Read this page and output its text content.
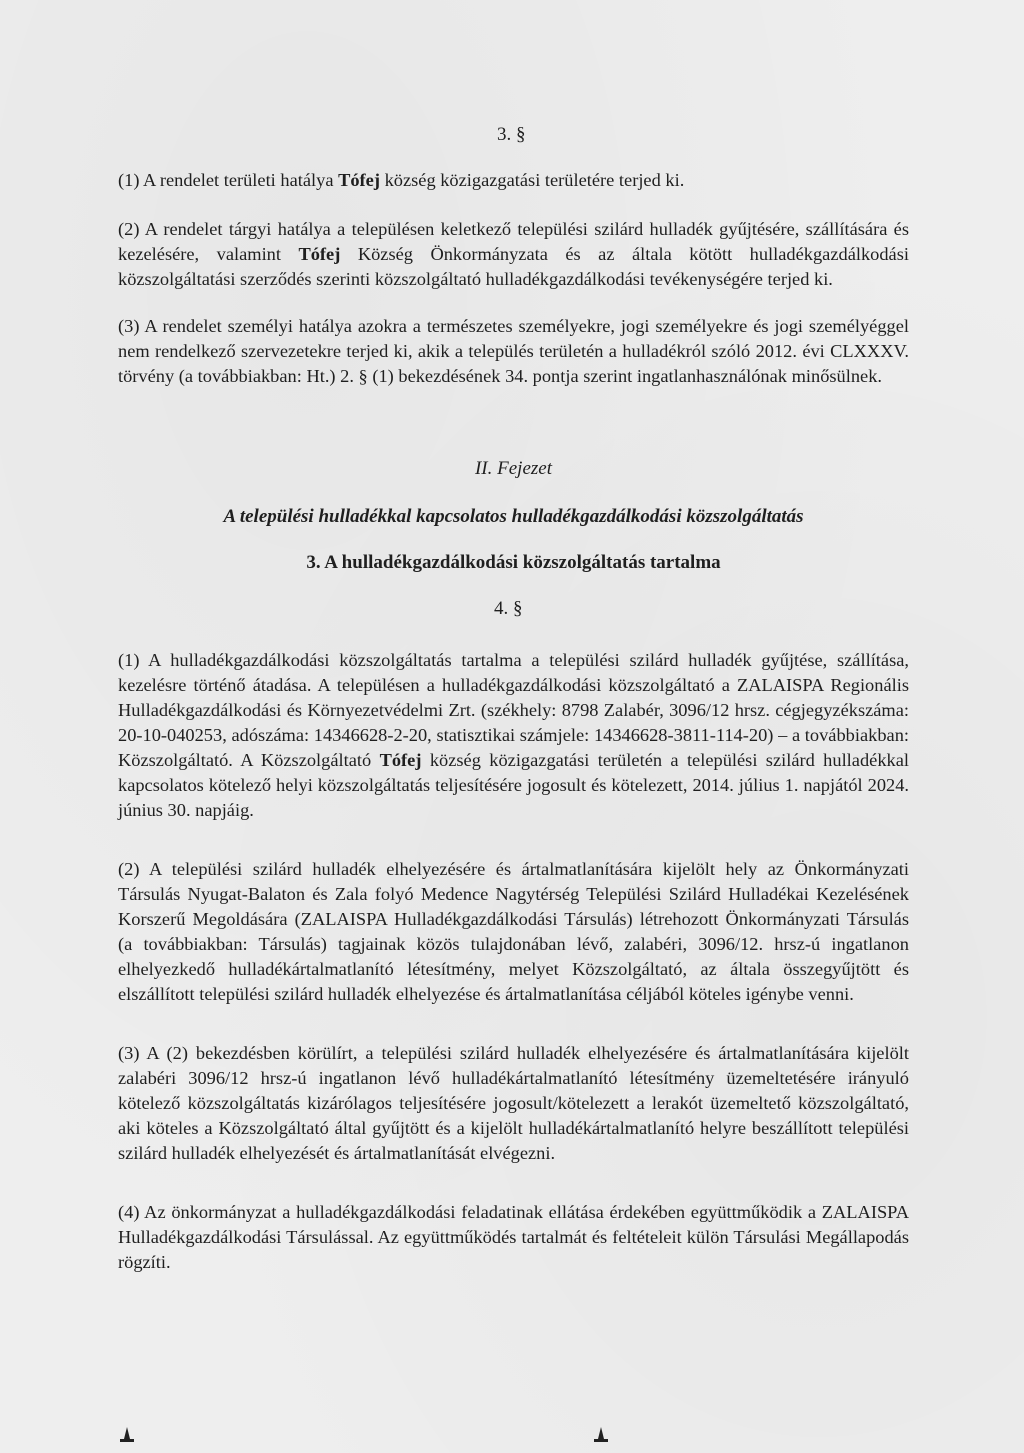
3. §

(1) A rendelet területi hatálya Tófej község közigazgatási területére terjed ki.

(2) A rendelet tárgyi hatálya a településen keletkező települési szilárd hulladék gyűjtésére, szállítására és kezelésére, valamint Tófej Község Önkormányzata és az általa kötött hulladékgazdálkodási közszolgáltatási szerződés szerinti közszolgáltató hulladékgazdálkodási tevékenységére terjed ki.

(3) A rendelet személyi hatálya azokra a természetes személyekre, jogi személyekre és jogi személyéggel nem rendelkező szervezetekre terjed ki, akik a település területén a hulladékról szóló 2012. évi CLXXXV. törvény (a továbbiakban: Ht.) 2. § (1) bekezdésének 34. pontja szerint ingatlanhasználónak minősülnek.

II. Fejezet
A települési hulladékkal kapcsolatos hulladékgazdálkodási közszolgáltatás
3. A hulladékgazdálkodási közszolgáltatás tartalma
4. §

(1) A hulladékgazdálkodási közszolgáltatás tartalma a települési szilárd hulladék gyűjtése, szállítása, kezelésre történő átadása. A településen a hulladékgazdálkodási közszolgáltató a ZALAISPA Regionális Hulladékgazdálkodási és Környezetvédelmi Zrt. (székhely: 8798 Zalabér, 3096/12 hrsz. cégjegyzékszáma: 20-10-040253, adószáma: 14346628-2-20, statisztikai számjele: 14346628-3811-114-20) – a továbbiakban: Közszolgáltató. A Közszolgáltató Tófej község közigazgatási területén a települési szilárd hulladékkal kapcsolatos kötelező helyi közszolgáltatás teljesítésére jogosult és kötelezett, 2014. július 1. napjától 2024. június 30. napjáig.

(2) A települési szilárd hulladék elhelyezésére és ártalmatlanítására kijelölt hely az Önkormányzati Társulás Nyugat-Balaton és Zala folyó Medence Nagytérség Települési Szilárd Hulladékai Kezelésének Korszerű Megoldására (ZALAISPA Hulladékgazdálkodási Társulás) létrehozott Önkormányzati Társulás (a továbbiakban: Társulás) tagjainak közös tulajdonában lévő, zalabéri, 3096/12. hrsz-ú ingatlanon elhelyezkedő hulladékártalmatlanító létesítmény, melyet Közszolgáltató, az általa összegyűjtött és elszállított települési szilárd hulladék elhelyezése és ártalmatlanítása céljából köteles igénybe venni.

(3) A (2) bekezdésben körülírt, a települési szilárd hulladék elhelyezésére és ártalmatlanítására kijelölt zalabéri 3096/12 hrsz-ú ingatlanon lévő hulladékártalmatlanító létesítmény üzemeltetésére irányuló kötelező közszolgáltatás kizárólagos teljesítésére jogosult/kötelezett a lerakót üzemeltető közszolgáltató, aki köteles a Közszolgáltató által gyűjtött és a kijelölt hulladékártalmatlanító helyre beszállított települési szilárd hulladék elhelyezését és ártalmatlanítását elvégezni.

(4) Az önkormányzat a hulladékgazdálkodási feladatinak ellátása érdekében együttműködik a ZALAISPA Hulladékgazdálkodási Társulással. Az együttműködés tartalmát és feltételeit külön Társulási Megállapodás rögzíti.
